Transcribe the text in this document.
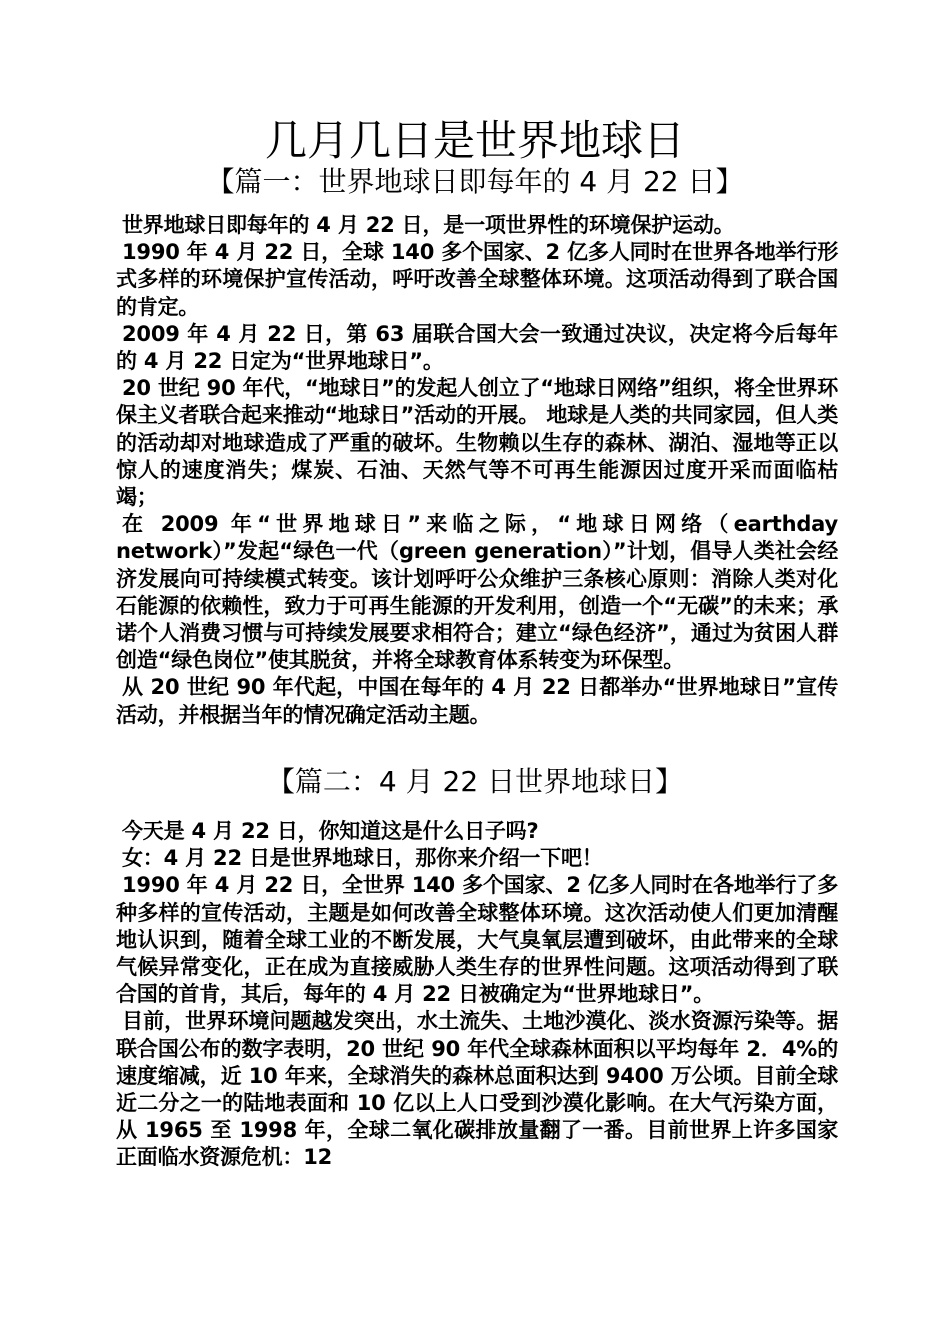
几月几日是世界地球日
【篇一：世界地球日即每年的 4 月 22 日】

世界地球日即每年的 4 月 22 日，是一项世界性的环境保护运动。

1990 年 4 月 22 日，全球 140 多个国家、2 亿多人同时在世界各地举行形式多样的环境保护宣传活动，呼吁改善全球整体环境。这项活动得到了联合国的肯定。

2009 年 4 月 22 日，第 63 届联合国大会一致通过决议，决定将今后每年的 4 月 22 日定为“世界地球日”。

20 世纪 90 年代，“地球日”的发起人创立了“地球日网络”组织，将全世界环保主义者联合起来推动“地球日”活动的开展。 地球是人类的共同家园，但人类的活动却对地球造成了严重的破坏。生物赖以生存的森林、湖泊、湿地等正以惊人的速度消失；煤炭、石油、天然气等不可再生能源因过度开采而面临枯竭；

在 2009 年“世界地球日”来临之际，“地球日网络（earthday network）”发起“绿色一代（green generation）”计划，倡导人类社会经济发展向可持续模式转变。该计划呼吁公众维护三条核心原则：消除人类对化石能源的依赖性，致力于可再生能源的开发利用，创造一个“无碳”的未来；承诺个人消费习惯与可持续发展要求相符合；建立“绿色经济”，通过为贫困人群创造“绿色岗位”使其脱贫，并将全球教育体系转变为环保型。

从 20 世纪 90 年代起，中国在每年的 4 月 22 日都举办“世界地球日”宣传活动，并根据当年的情况确定活动主题。

【篇二：4 月 22 日世界地球日】

今天是 4 月 22 日，你知道这是什么日子吗?

女：4 月 22 日是世界地球日，那你来介绍一下吧！

1990 年 4 月 22 日，全世界 140 多个国家、2 亿多人同时在各地举行了多种多样的宣传活动，主题是如何改善全球整体环境。这次活动使人们更加清醒地认识到，随着全球工业的不断发展，大气臭氧层遭到破坏，由此带来的全球气候异常变化，正在成为直接威胁人类生存的世界性问题。这项活动得到了联合国的首肯，其后，每年的 4 月 22 日被确定为“世界地球日”。

目前，世界环境问题越发突出，水土流失、土地沙漠化、淡水资源污染等。据联合国公布的数字表明，20 世纪 90 年代全球森林面积以平均每年 2．4%的速度缩减，近 10 年来，全球消失的森林总面积达到 9400 万公顷。目前全球近二分之一的陆地表面和 10 亿以上人口受到沙漠化影响。在大气污染方面，从 1965 至 1998 年，全球二氧化碳排放量翻了一番。目前世界上许多国家正面临水资源危机：12
